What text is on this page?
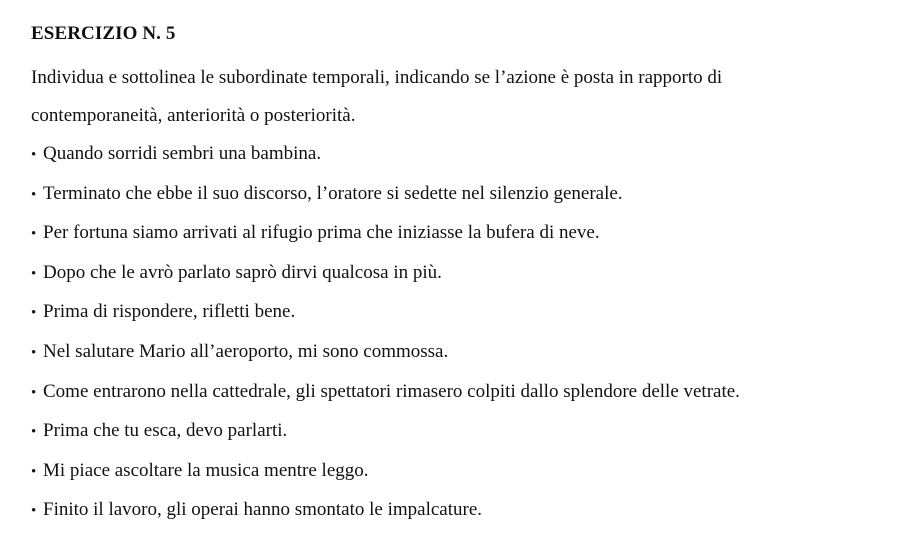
ESERCIZIO N. 5

Individua e sottolinea le subordinate temporali, indicando se l’azione è posta in rapporto di

contemporaneità, anteriorità o posteriorità.

• Quando sorridi sembri una bambina.
• Terminato che ebbe il suo discorso, l’oratore si sedette nel silenzio generale.
• Per fortuna siamo arrivati al rifugio prima che iniziasse la bufera di neve.
• Dopo che le avrò parlato saprò dirvi qualcosa in più.
• Prima di rispondere, rifletti bene.
• Nel salutare Mario all’aeroporto, mi sono commossa.
• Come entrarono nella cattedrale, gli spettatori rimasero colpiti dallo splendore delle vetrate.
• Prima che tu esca, devo parlarti.
• Mi piace ascoltare la musica mentre leggo.
• Finito il lavoro, gli operai hanno smontato le impalcature.
